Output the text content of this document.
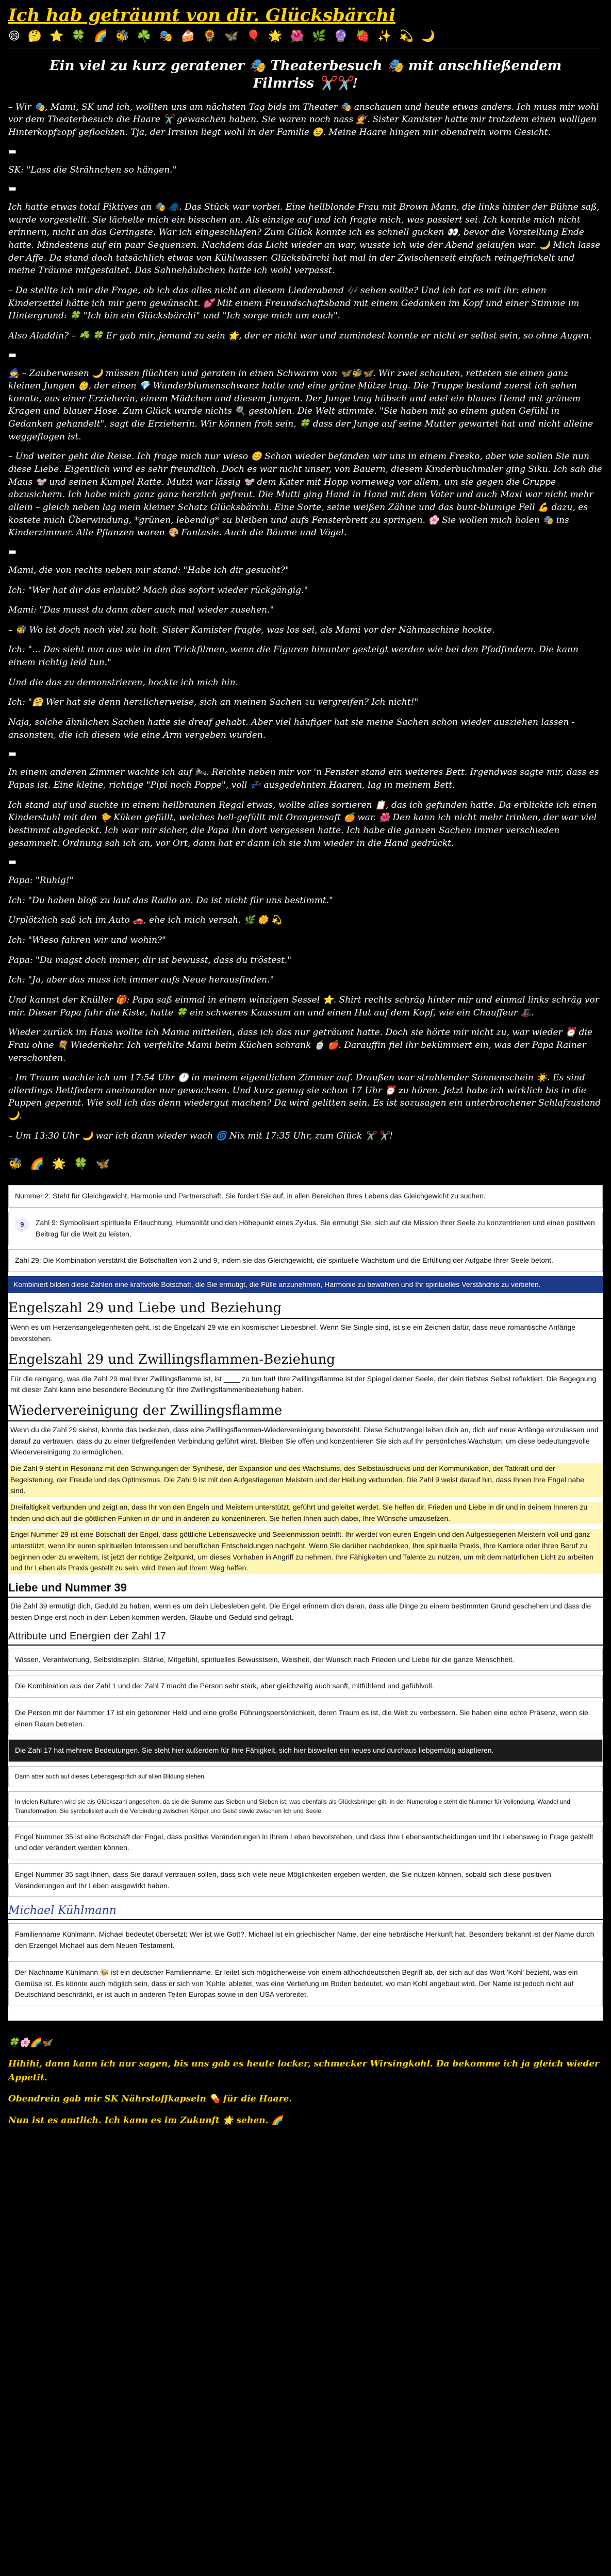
Ich hab geträumt von dir. Glücksbärchi
😄 🤔 ⭐ 🍀 🌈 🐝 ☘️ 🎭 🍰 🌻 🦋 🎈 🌟 🌺 🌿 🔮 🍓 ✨ 💫 🌙
Ein viel zu kurz geratener 🎭 Theaterbesuch 🎭 mit anschließendem Filmriss ✂️✂️!

– Wir 🎭, Mami, SK und ich, wollten uns am nächsten Tag bids im Theater 🎭 anschauen und heute etwas anders. Ich muss mir wohl vor dem Theaterbesuch die Haare ✂️ gewaschen haben. Sie waren noch nass 💇. Sister Kamister hatte mir trotzdem einen wolligen Hinterkopfzopf geflochten. Tja, der Irrsinn liegt wohl in der Familie 😉. Meine Haare hingen mir obendrein vorm Gesicht.

▬

SK: "Lass die Strähnchen so hängen."

▬

Ich hatte etwas total Fiktives an 🎭 🧥. Das Stück war vorbei. Eine hellblonde Frau mit Brown Mann, die links hinter der Bühne saß, wurde vorgestellt. Sie lächelte mich ein bisschen an. Als einzige auf und ich fragte mich, was passiert sei. Ich konnte mich nicht erinnern, nicht an das Geringste. War ich eingeschlafen? Zum Glück konnte ich es schnell gucken 👀, bevor die Vorstellung Ende hatte. Mindestens auf ein paar Sequenzen. Nachdem das Licht wieder an war, wusste ich wie der Abend gelaufen war. 🌙 Mich lasse der Affe. Da stand doch tatsächlich etwas von Kühlwasser. Glücksbärchi hat mal in der Zwischenzeit einfach reingefrickelt und meine Träume mitgestaltet. Das Sahnehäubchen hatte ich wohl verpasst.

– Da stellte ich mir die Frage, ob ich das alles nicht an diesem Liederabend 🎶 sehen sollte? Und ich tat es mit ihr: einen Kinderzettel hätte ich mir gern gewünscht. 💕 Mit einem Freundschaftsband mit einem Gedanken im Kopf und einer Stimme im Hintergrund: 🍀 "Ich bin ein Glücksbärchi" und "Ich sorge mich um euch".

Also Aladdin? – ☘️ 🍀 Er gab mir, jemand zu sein 🌟, der er nicht war und zumindest konnte er nicht er selbst sein, so ohne Augen.

▬

🧙 – Zauberwesen 🌙 müssen flüchten und geraten in einen Schwarm von 🦋🐝🦋. Wir zwei schauten, retteten sie einen ganz kleinen Jungen 👶, der einen 💎 Wunderblumenschwanz hatte und eine grüne Mütze trug. Die Truppe bestand zuerst ich sehen konnte, aus einer Erzieherin, einem Mädchen und diesem Jungen. Der Junge trug hübsch und edel ein blaues Hemd mit grünem Kragen und blauer Hose. Zum Glück wurde nichts 🔍 gestohlen. Die Welt stimmte. "Sie haben mit so einem guten Gefühl in Gedanken gehandelt", sagt die Erzieherin. Wir können froh sein, 🍀 dass der Junge auf seine Mutter gewartet hat und nicht alleine weggeflogen ist.

– Und weiter geht die Reise. Ich frage mich nur wieso 😊 Schon wieder befanden wir uns in einem Fresko, aber wie sollen Sie nun diese Liebe. Eigentlich wird es sehr freundlich. Doch es war nicht unser, von Bauern, diesem Kinderbuchmaler ging Siku. Ich sah die Maus 🐭 und seinen Kumpel Ratte. Mutzi war lässig 🐭 dem Kater mit Hopp vorneweg vor allem, um sie gegen die Gruppe abzusichern. Ich habe mich ganz ganz herzlich gefreut. Die Mutti ging Hand in Hand mit dem Vater und auch Maxi war nicht mehr allein – gleich neben lag mein kleiner Schatz Glücksbärchi. Eine Sorte, seine weißen Zähne und das bunt-blumige Fell 💪 dazu, es kostete mich Überwindung, *grünen, lebendig* zu bleiben und aufs Fensterbrett zu springen. 🌸 Sie wollen mich holen 🎭 ins Kinderzimmer. Alle Pflanzen waren 🎨 Fantasie. Auch die Bäume und Vögel.

▬

Mami, die von rechts neben mir stand: "Habe ich dir gesucht?"

Ich: "Wer hat dir das erlaubt? Mach das sofort wieder rückgängig."

Mami: "Das musst du dann aber auch mal wieder zusehen."

– 🐝 Wo ist doch noch viel zu holt. Sister Kamister fragte, was los sei, als Mami vor der Nähmaschine hockte.

Ich: "... Das sieht nun aus wie in den Trickfilmen, wenn die Figuren hinunter gesteigt werden wie bei den Pfadfindern. Die kann einem richtig leid tun."

Und die das zu demonstrieren, hockte ich mich hin.

Ich: "🤗 Wer hat sie denn herzlicherweise, sich an meinen Sachen zu vergreifen? Ich nicht!"

Naja, solche ähnlichen Sachen hatte sie dreaf gehabt. Aber viel häufiger hat sie meine Sachen schon wieder ausziehen lassen - ansonsten, die ich diesen wie eine Arm vergeben wurden.

▬

In einem anderen Zimmer wachte ich auf 🛏. Reichte neben mir vor 'n Fenster stand ein weiteres Bett. Irgendwas sagte mir, dass es Papas ist. Eine kleine, richtige "Pipi noch Poppe", voll 💤 ausgedehnten Haaren, lag in meinem Bett.

Ich stand auf und suchte in einem hellbraunen Regal etwas, wollte alles sortieren 📋, das ich gefunden hatte. Da erblickte ich einen Kinderstuhl mit den 🐤 Küken gefüllt, welches hell-gefüllt mit Orangensaft 🍊 war. 🌺 Den kann ich nicht mehr trinken, der war viel bestimmt abgedeckt. Ich war mir sicher, die Papa ihn dort vergessen hatte. Ich habe die ganzen Sachen immer verschieden gesammelt. Ordnung sah ich an, vor Ort, dann hat er dann ich sie ihm wieder in die Hand gedrückt.

▬

Papa: "Ruhig!"

Ich: "Du haben bloß zu laut das Radio an. Da ist nicht für uns bestimmt."

Urplötzlich saß ich im Auto 🚗, ehe ich mich versah. 🌿 🌼 💫

Ich: "Wieso fahren wir und wohin?"

Papa: "Du magst doch immer, dir ist bewusst, dass du tröstest."

Ich: "Ja, aber das muss ich immer aufs Neue herausfinden."

Und kannst der Knüller 🎁: Papa saß einmal in einem winzigen Sessel ⭐. Shirt rechts schräg hinter mir und einmal links schräg vor mir. Dieser Papa fuhr die Kiste, hatte 🍀 ein schweres Kaussum an und einen Hut auf dem Kopf, wie ein Chauffeur 🎩.

Wieder zurück im Haus wollte ich Mama mitteilen, dass ich das nur geträumt hatte. Doch sie hörte mir nicht zu, war wieder ⏰ die Frau ohne 💐 Wiederkehr. Ich verfehlte Mami beim Küchen schrank 🍵 🍎. Darauffin fiel ihr bekümmert ein, was der Papa Rainer verschonten.

– Im Traum wachte ich um 17:54 Uhr 🕐 in meinem eigentlichen Zimmer auf. Draußen war strahlender Sonnenschein ☀️. Es sind allerdings Bettfedern aneinander nur gewachsen. Und kurz genug sie schon 17 Uhr ⏰ zu hören. Jetzt habe ich wirklich bis in die Puppen gepennt. Wie soll ich das denn wiedergut machen? Da wird gelitten sein. Es ist sozusagen ein unterbrochener Schlafzustand 🌙.

– Um 13:30 Uhr 🌙 war ich dann wieder wach 🌀 Nix mit 17:35 Uhr, zum Glück ✂️ ✂️!

🐝 🌈 🌟 🍀 🦋
Nummer 2: Steht für Gleichgewicht, Harmonie und Partnerschaft. Sie fordert Sie auf, in allen Bereichen Ihres Lebens das Gleichgewicht zu suchen.
9	Zahl 9: Symbolisiert spirituelle Erleuchtung, Humanität und den Höhepunkt eines Zyklus. Sie ermutigt Sie, sich auf die Mission Ihrer Seele zu konzentrieren und einen positiven Beitrag für die Welt zu leisten.
Zahl 29: Die Kombination verstärkt die Botschaften von 2 und 9, indem sie das Gleichgewicht, die spirituelle Wachstum und die Erfüllung der Aufgabe Ihrer Seele betont.
Kombiniert bilden diese Zahlen eine kraftvolle Botschaft, die Sie ermutigt, die Fülle anzunehmen, Harmonie zu bewahren und Ihr spirituelles Verständnis zu vertiefen.
Engelszahl 29 und Liebe und Beziehung

Wenn es um Herzensangelegenheiten geht, ist die Engelzahl 29 wie ein kosmischer Liebesbrief. Wenn Sie Single sind, ist sie ein Zeichen dafür, dass neue romantische Anfänge bevorstehen.

Engelszahl 29 und Zwillingsflammen-Beziehung

Für die reingang, was die Zahl 29 mal Ihrer Zwillingsflamme ist, ist ____ zu tun hat! Ihre Zwillingsflamme ist der Spiegel deiner Seele, der dein tiefstes Selbst reflektiert. Die Begegnung mit dieser Zahl kann eine besondere Bedeutung für Ihre Zwillingsflammenbeziehung haben.

Wiedervereinigung der Zwillingsflamme

Wenn du die Zahl 29 siehst, könnte das bedeuten, dass eine Zwillingsflammen-Wiedervereinigung bevorsteht. Diese Schutzengel leiten dich an, dich auf neue Anfänge einzulassen und darauf zu vertrauen, dass du zu einer tiefgreifenden Verbindung geführt wirst. Bleiben Sie offen und konzentrieren Sie sich auf Ihr persönliches Wachstum, um diese bedeutungsvolle Wiedervereinigung zu ermöglichen.

Die Zahl 9 steht in Resonanz mit den Schwingungen der Synthese, der Expansion und des Wachstums, des Selbstausdrucks und der Kommunikation, der Tatkraft und der Begeisterung, der Freude und des Optimismus. Die Zahl 9 ist mit den Aufgestiegenen Meistern und der Heilung verbunden. Die Zahl 9 weist darauf hin, dass Ihnen Ihre Engel nahe sind.

Dreifaltigkeit verbunden und zeigt an, dass Ihr von den Engeln und Meistern unterstützt, geführt und geleitet werdet. Sie helfen dir, Frieden und Liebe in dir und in deinem Inneren zu finden und dich auf die göttlichen Funken in dir und in anderen zu konzentrieren. Sie helfen Ihnen auch dabei, Ihre Wünsche umzusetzen.

Engel Nummer 29 ist eine Botschaft der Engel, dass göttliche Lebenszwecke und Seelenmission betrifft. Ihr werdet von euren Engeln und den Aufgestiegenen Meistern voll und ganz unterstützt, wenn ihr euren spirituellen Interessen und beruflichen Entscheidungen nachgeht. Wenn Sie darüber nachdenken, Ihre spirituelle Praxis, Ihre Karriere oder Ihren Beruf zu beginnen oder zu erweitern, ist jetzt der richtige Zeitpunkt, um dieses Vorhaben in Angriff zu nehmen. Ihre Fähigkeiten und Talente zu nutzen, um mit dem natürlichen Licht zu arbeiten und Ihr Leben als Praxis gestellt zu sein, wird Ihnen auf Ihrem Weg helfen.

Liebe und Nummer 39

Die Zahl 39 ermutigt dich, Geduld zu haben, wenn es um dein Liebesleben geht. Die Engel erinnern dich daran, dass alle Dinge zu einem bestimmten Grund geschehen und dass die besten Dinge erst noch in dein Leben kommen werden. Glaube und Geduld sind gefragt.

Attribute und Energien der Zahl 17
Wissen, Verantwortung, Selbstdisziplin, Stärke, Mitgefühl, spirituelles Bewusstsein, Weisheit, der Wunsch nach Frieden und Liebe für die ganze Menschheit.
Die Kombination aus der Zahl 1 und der Zahl 7 macht die Person sehr stark, aber gleichzeitig auch sanft, mitfühlend und gefühlvoll.
Die Person mit der Nummer 17 ist ein geborener Held und eine große Führungspersönlichkeit, deren Traum es ist, die Welt zu verbessern. Sie haben eine echte Präsenz, wenn sie einen Raum betreten.
Die Zahl 17 hat mehrere Bedeutungen. Sie steht hier außerdem für Ihre Fähigkeit, sich hier bisweilen ein neues und durchaus liebgemütig adaptieren.
Dann aber auch auf dieses Lebensgespräch auf allen Bildung stehen.
In vielen Kulturen wird sie als Glückszahl angesehen, da sie die Summe aus Sieben und Sieben ist, was ebenfalls als Glücksbringer gilt. In der Numerologie steht die Nummer für Vollendung, Wandel und Transformation. Sie symbolisiert auch die Verbindung zwischen Körper und Geist sowie zwischen Ich und Seele.
Engel Nummer 35 ist eine Botschaft der Engel, dass positive Veränderungen in Ihrem Leben bevorstehen, und dass Ihre Lebensentscheidungen und Ihr Lebensweg in Frage gestellt und oder verändert werden können.
Engel Nummer 35 sagt Ihnen, dass Sie darauf vertrauen sollen, dass sich viele neue Möglichkeiten ergeben werden, die Sie nutzen können, sobald sich diese positiven Veränderungen auf Ihr Leben ausgewirkt haben.
Michael Kühlmann
Familienname Kühlmann. Michael bedeutet übersetzt: Wer ist wie Gott?. Michael ist ein griechischer Name, der eine hebräische Herkunft hat. Besonders bekannt ist der Name durch den Erzengel Michael aus dem Neuen Testament.
Der Nachname Kühlmann 🐝 ist ein deutscher Familienname. Er leitet sich möglicherweise von einem althochdeutschen Begriff ab, der sich auf das Wort 'Kohl' bezieht, was ein Gemüse ist. Es könnte auch möglich sein, dass er sich von 'Kuhle' ableitet, was eine Vertiefung im Boden bedeutet, wo man Kohl angebaut wird. Der Name ist jedoch nicht auf Deutschland beschränkt, er ist auch in anderen Teilen Europas sowie in den USA verbreitet.

🍀🌸🌈🦋

Hihihi, dann kann ich nur sagen, bis uns gab es heute locker, schmecker Wirsingkohl. Da bekomme ich ja gleich wieder Appetit.

Obendrein gab mir SK Nährstoffkapseln 💊 für die Haare.

Nun ist es amtlich. Ich kann es im Zukunft 🌟 sehen. 🌈
